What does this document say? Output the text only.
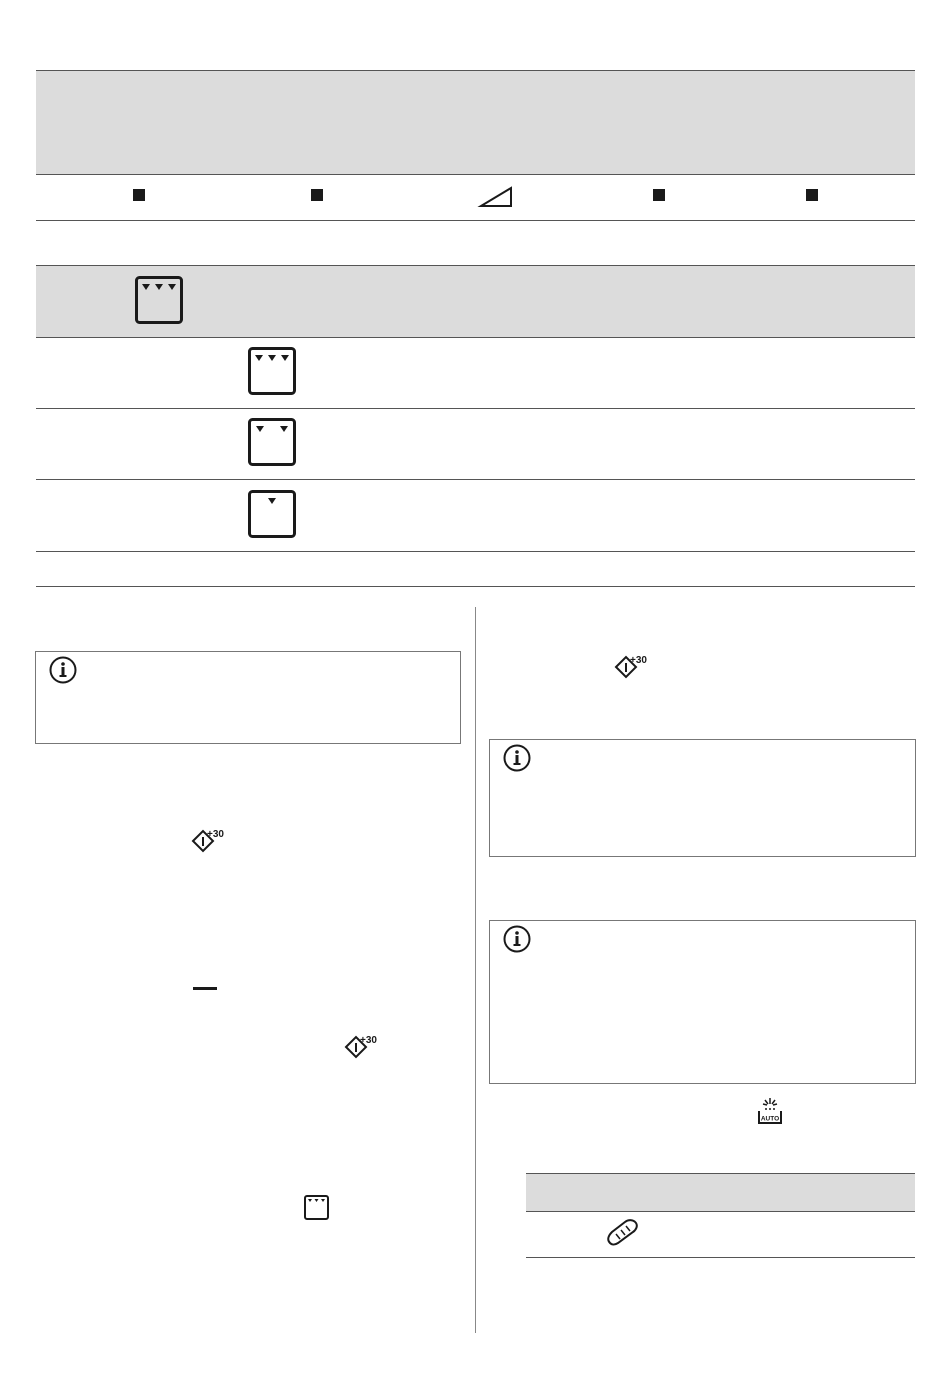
+30
+30
+30
AUTO
